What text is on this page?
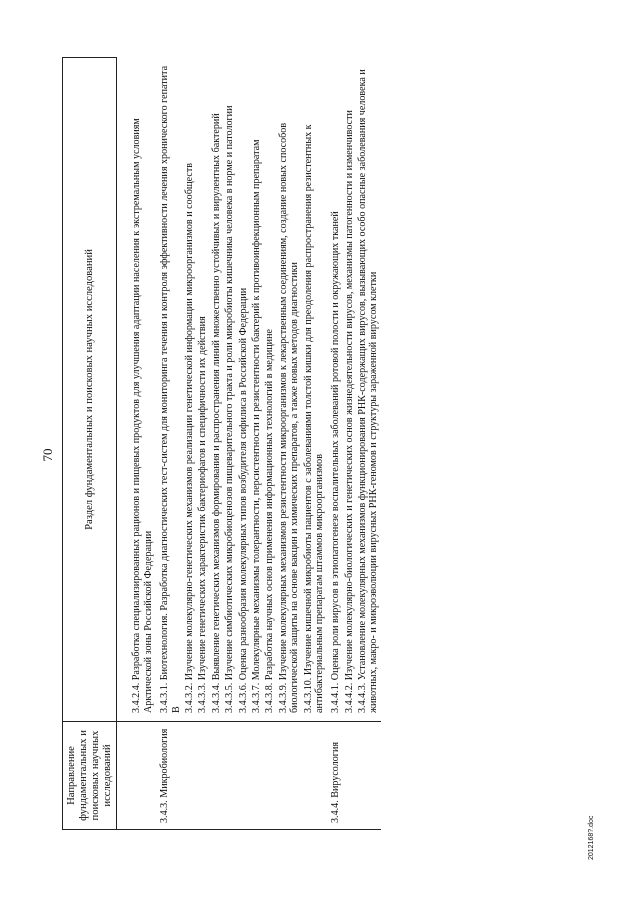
70
Направление фундаментальных и поисковых научных исследований	Раздел фундаментальных и поисковых научных исследований
	3.4.2.4. Разработка специализированных рационов и пищевых продуктов для улучшения адаптации населения к экстремальным условиям Арктической зоны Российской Федерации
3.4.3. Микробиология	3.4.3.1. Биотехнология. Разработка диагностических тест-систем для мониторинга течения и контроля эффективности лечения хронического гепатита В
	3.4.3.2. Изучение молекулярно-генетических механизмов реализации генетической информации микроорганизмов и сообществ
	3.4.3.3. Изучение генетических характеристик бактериофагов и специфичности их действия
	3.4.3.4. Выявление генетических механизмов формирования и распространения линий множественно устойчивых и вирулентных бактерий
	3.4.3.5. Изучение симбиотических микробиоценозов пищеварительного тракта и роли микробиоты кишечника человека в норме и патологии
	3.4.3.6. Оценка разнообразия молекулярных типов возбудителя сифилиса в Российской Федерации
	3.4.3.7. Молекулярные механизмы толерантности, персистентности и резистентности бактерий к противоинфекционным препаратам
	3.4.3.8. Разработка научных основ применения информационных технологий в медицине
	3.4.3.9. Изучение молекулярных механизмов резистентности микроорганизмов к лекарственным соединениям, создание новых способов биологической защиты на основе вакцин и химических препаратов, а также новых методов диагностики
	3.4.3.10. Изучение кишечной микробиоты пациентов с заболеваниями толстой кишки для преодоления распространения резистентных к антибактериальным препаратам штаммов микроорганизмов
3.4.4. Вирусология	3.4.4.1. Оценка роли вирусов в этиопатогенезе воспалительных заболеваний ротовой полости и окружающих тканей
	3.4.4.2. Изучение молекулярно-биологических и генетических основ жизнедеятельности вирусов, механизмы патогенности и изменчивости
	3.4.4.3. Установление молекулярных механизмов функционирования РНК-содержащих вирусов, вызывающих особо опасные заболевания человека и животных, макро- и микроэволюции вирусных РНК-геномов и структуры зараженной вирусом клетки
2012168?.doc
